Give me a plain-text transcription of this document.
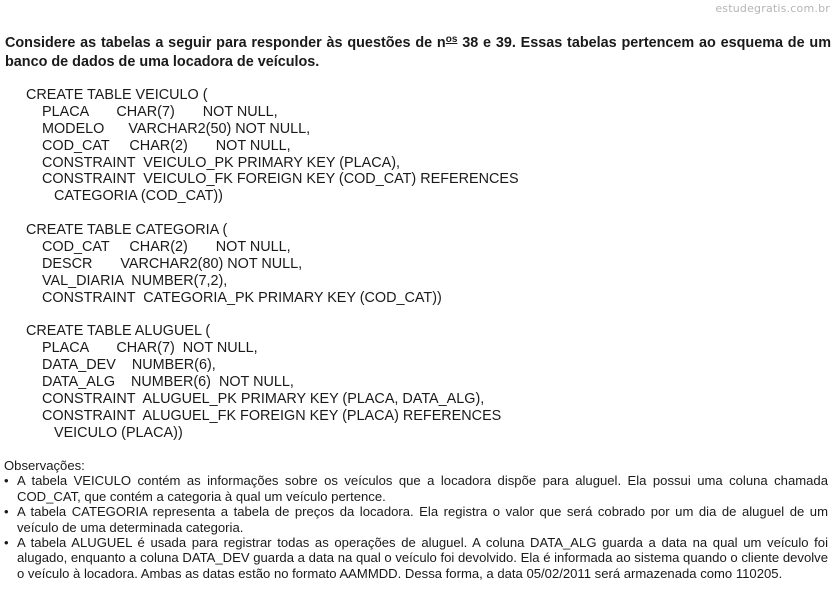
estudegratis.com.br

Considere as tabelas a seguir para responder às questões de $n^{os}$ 38 e 39. Essas tabelas pertencem ao esquema de um banco de dados de uma locadora de veículos.

CREATE TABLE VEICULO (
PLACA       CHAR(7)       NOT NULL,
MODELO      VARCHAR2(50) NOT NULL,
COD_CAT     CHAR(2)       NOT NULL,
CONSTRAINT  VEICULO_PK PRIMARY KEY (PLACA),
CONSTRAINT  VEICULO_FK FOREIGN KEY (COD_CAT) REFERENCES
CATEGORIA (COD_CAT))
CREATE TABLE CATEGORIA (
COD_CAT     CHAR(2)       NOT NULL,
DESCR       VARCHAR2(80) NOT NULL,
VAL_DIARIA  NUMBER(7,2),
CONSTRAINT  CATEGORIA_PK PRIMARY KEY (COD_CAT))
CREATE TABLE ALUGUEL (
PLACA       CHAR(7)  NOT NULL,
DATA_DEV    NUMBER(6),
DATA_ALG    NUMBER(6)  NOT NULL,
CONSTRAINT  ALUGUEL_PK PRIMARY KEY (PLACA, DATA_ALG),
CONSTRAINT  ALUGUEL_FK FOREIGN KEY (PLACA) REFERENCES
VEICULO (PLACA))
Observações:
• A tabela VEICULO contém as informações sobre os veículos que a locadora dispõe para aluguel. Ela possui uma coluna chamada COD_CAT, que contém a categoria à qual um veículo pertence.
• A tabela CATEGORIA representa a tabela de preços da locadora. Ela registra o valor que será cobrado por um dia de aluguel de um veículo de uma determinada categoria.
• A tabela ALUGUEL é usada para registrar todas as operações de aluguel. A coluna DATA_ALG guarda a data na qual um veículo foi alugado, enquanto a coluna DATA_DEV guarda a data na qual o veículo foi devolvido. Ela é informada ao sistema quando o cliente devolve o veículo à locadora. Ambas as datas estão no formato AAMMDD. Dessa forma, a data 05/02/2011 será armazenada como 110205.
